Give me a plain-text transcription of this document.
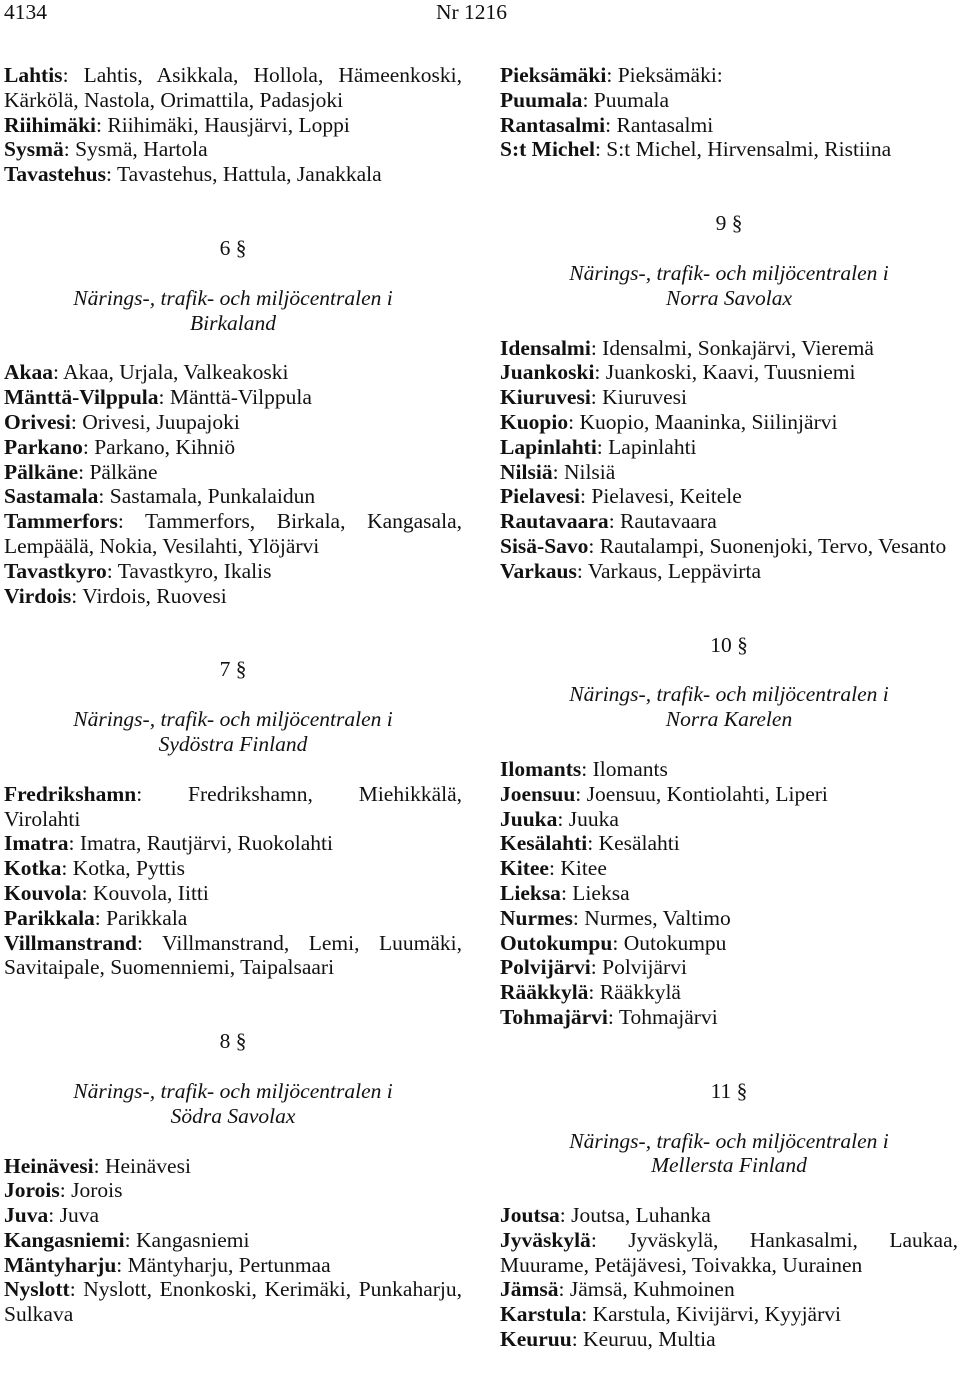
4134	Nr 1216

Lahtis: Lahtis, Asikkala, Hollola, Hämeenkoski, Kärkölä, Nastola, Orimattila, Padasjoki

Riihimäki: Riihimäki, Hausjärvi, Loppi

Sysmä: Sysmä, Hartola

Tavastehus: Tavastehus, Hattula, Janakkala

6 §

Närings-, trafik- och miljöcentralen i

Birkaland

Akaa: Akaa, Urjala, Valkeakoski

Mänttä-Vilppula: Mänttä-Vilppula

Orivesi: Orivesi, Juupajoki

Parkano: Parkano, Kihniö

Pälkäne: Pälkäne

Sastamala: Sastamala, Punkalaidun

Tammerfors: Tammerfors, Birkala, Kangasala, Lempäälä, Nokia, Vesilahti, Ylöjärvi

Tavastkyro: Tavastkyro, Ikalis

Virdois: Virdois, Ruovesi

7 §

Närings-, trafik- och miljöcentralen i

Sydöstra Finland

Fredrikshamn: Fredrikshamn, Miehikkälä, Virolahti

Imatra: Imatra, Rautjärvi, Ruokolahti

Kotka: Kotka, Pyttis

Kouvola: Kouvola, Iitti

Parikkala: Parikkala

Villmanstrand: Villmanstrand, Lemi, Luumäki, Savitaipale, Suomenniemi, Taipalsaari

8 §

Närings-, trafik- och miljöcentralen i

Södra Savolax

Heinävesi: Heinävesi

Jorois: Jorois

Juva: Juva

Kangasniemi: Kangasniemi

Mäntyharju: Mäntyharju, Pertunmaa

Nyslott: Nyslott, Enonkoski, Kerimäki, Punkaharju, Sulkava

Pieksämäki: Pieksämäki:

Puumala: Puumala

Rantasalmi: Rantasalmi

S:t Michel: S:t Michel, Hirvensalmi, Ristiina

9 §

Närings-, trafik- och miljöcentralen i

Norra Savolax

Idensalmi: Idensalmi, Sonkajärvi, Vieremä

Juankoski: Juankoski, Kaavi, Tuusniemi

Kiuruvesi: Kiuruvesi

Kuopio: Kuopio, Maaninka, Siilinjärvi

Lapinlahti: Lapinlahti

Nilsiä: Nilsiä

Pielavesi: Pielavesi, Keitele

Rautavaara: Rautavaara

Sisä-Savo: Rautalampi, Suonenjoki, Tervo, Vesanto

Varkaus: Varkaus, Leppävirta

10 §

Närings-, trafik- och miljöcentralen i

Norra Karelen

Ilomants: Ilomants

Joensuu: Joensuu, Kontiolahti, Liperi

Juuka: Juuka

Kesälahti: Kesälahti

Kitee: Kitee

Lieksa: Lieksa

Nurmes: Nurmes, Valtimo

Outokumpu: Outokumpu

Polvijärvi: Polvijärvi

Rääkkylä: Rääkkylä

Tohmajärvi: Tohmajärvi

11 §

Närings-, trafik- och miljöcentralen i

Mellersta Finland

Joutsa: Joutsa, Luhanka

Jyväskylä: Jyväskylä, Hankasalmi, Laukaa, Muurame, Petäjävesi, Toivakka, Uurainen

Jämsä: Jämsä, Kuhmoinen

Karstula: Karstula, Kivijärvi, Kyyjärvi

Keuruu: Keuruu, Multia
